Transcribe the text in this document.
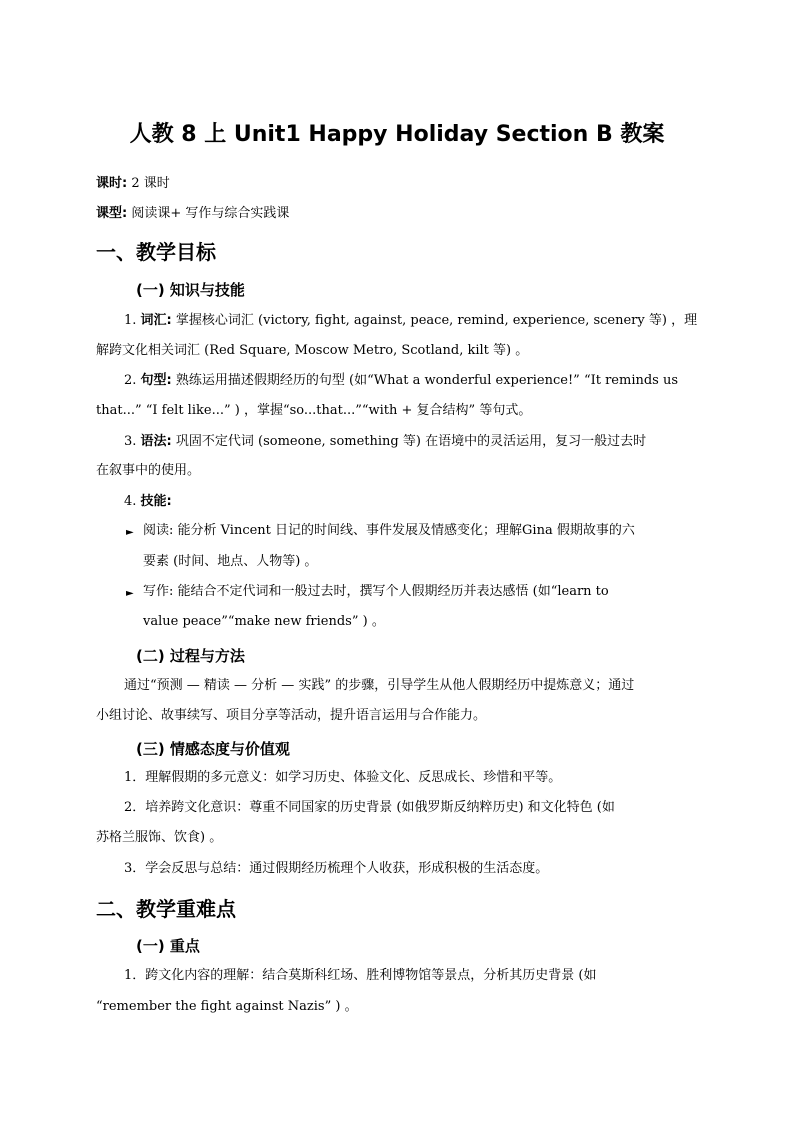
人教 8 上 Unit1 Happy Holiday Section B 教案
课时: 2 课时
课型: 阅读课+ 写作与综合实践课
一、教学目标
(一) 知识与技能
1. 词汇: 掌握核心词汇 (victory, fight, against, peace, remind, experience, scenery 等) ，理
解跨文化相关词汇 (Red Square, Moscow Metro, Scotland, kilt 等) 。
2. 句型: 熟练运用描述假期经历的句型 (如“What a wonderful experience!” “It reminds us
that...” “I felt like...” ) ，掌握“so...that...”“with + 复合结构” 等句式。
3. 语法: 巩固不定代词 (someone, something 等) 在语境中的灵活运用，复习一般过去时
在叙事中的使用。
4. 技能:
► 阅读: 能分析 Vincent 日记的时间线、事件发展及情感变化；理解Gina 假期故事的六
要素 (时间、地点、人物等) 。
► 写作: 能结合不定代词和一般过去时，撰写个人假期经历并表达感悟 (如“learn to
value peace”“make new friends” ) 。
(二) 过程与方法
通过“预测 — 精读 — 分析 — 实践” 的步骤，引导学生从他人假期经历中提炼意义；通过
小组讨论、故事续写、项目分享等活动，提升语言运用与合作能力。
(三) 情感态度与价值观
1．理解假期的多元意义：如学习历史、体验文化、反思成长、珍惜和平等。
2．培养跨文化意识：尊重不同国家的历史背景 (如俄罗斯反纳粹历史) 和文化特色 (如
苏格兰服饰、饮食) 。
3．学会反思与总结：通过假期经历梳理个人收获，形成积极的生活态度。
二、教学重难点
(一) 重点
1．跨文化内容的理解：结合莫斯科红场、胜利博物馆等景点，分析其历史背景 (如
“remember the fight against Nazis” ) 。
